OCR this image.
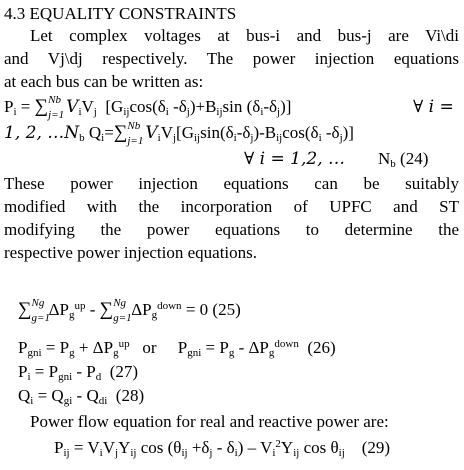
4.3 EQUALITY CONSTRAINTS
Let complex voltages at bus-i and bus-j are Vi\di
and Vj\dj respectively. The power injection equations
at each bus can be written as:
$P_i$ = ∑ Nb
j=1 $V_iV_j$ [$G_{ij}\cos(\delta_i$ $-\delta_j)+B_{ij}\sin$ $(\delta_i-\delta_j)$]	∀ i =
1, 2, $\dots N_b$ $Q_i=\sum$ Nb
j=1 $V_iV_j[G_{ij}\sin(\delta_i-\delta_j)-B_{ij}\cos(\delta_i$ $-\delta_j$)]
∀ i = 1,2, … $N_b$ (24)
These power injection equations can be suitably
modified with the incorporation of UPFC and ST
modifying the power equations to determine the
respective power injection equations.
∑ Ng
g=1
$\Delta P_g^{up}$ - ∑ Ng
g=1 $\Delta P_g^{down} = 0$ (25)
$P_{gni} = P_g + \Delta P_g^{up}$ or $P_{gni} = P_g - \Delta P_g^{down}$ (26)
$P_i = P_{gni} - P_d$ (27)
$Q_i = Q_{gi} - Q_{di}$ (28)
Power flow equation for real and reactive power are:
$P_{ij} = V_iV_jY_{ij}$ $\cos (\theta_{ij} +\delta_j - \delta_i) - V_i^2Y_{ij}$ $\cos \theta_{ij}$ (29)
